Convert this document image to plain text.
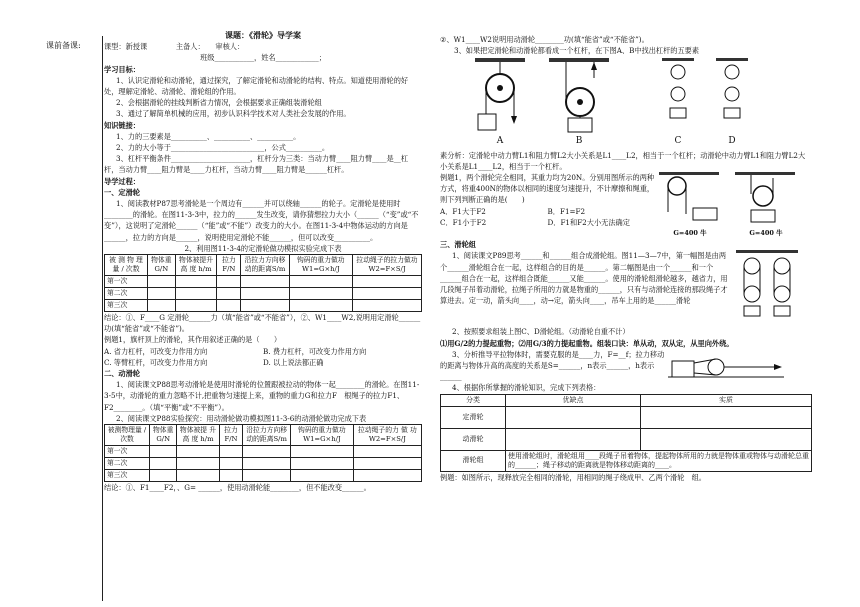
课前备课:
课题：《滑轮》导学案
课型：新授课　　　　主备人：　　审核人：
班级___________，姓名____________；
学习目标：
1、认识定滑轮和动滑轮，通过探究，了解定滑轮和动滑轮的结构、特点。知道使用滑轮的好处，理解定滑轮、动滑轮、滑轮组的作用。
2、会根据滑轮的挂线判断省力情况，会根据要求正确组装滑轮组
3、通过了解简单机械的应用，初步认识科学技术对人类社会发展的作用。
知识链接：
1、力的三要素是__________、__________、__________。
2、力的大小等于__________________________，公式__________。
3、杠杆平衡条件______________________，杠杆分为三类：当动力臂____阻力臂____是__杠杆，当动力臂____阻力臂是____力杠杆，当动力臂____阻力臂是______杠杆。
导学过程：
一、定滑轮
1、阅读教材P87思考滑轮是一个周边有______并可以绕轴______的轮子。定滑轮是使用时________的滑轮。在图11-3-3中，拉力的______发生改变，请你猜想拉力大小（______（“变”或“不变”），这说明了定滑轮______（“能”或“不能”）改变力的大小。在图11-3-4中物体运动的方向是______，拉力的方向是______，说明使用定滑轮不能______，但可以改变__________。
2、利用图11-3-4的定滑轮做功模拟实验完成下表
被 测 物 理量 / 次数	物体重G/N	物体被提升 高 度 h/m	拉力F/N	沿拉力方向移动的距离S/m	钩码的重力做功W1=G×h/J	拉动绳子的拉力做功W2=F×S/J
第一次						
第二次						
第三次						
结论：①、F____G 定滑轮______力（填“能省”或“不能省”），②、W1____W2,说明用定滑轮______功(填“能省”或“不能省”)。
例题1，旗杆顶上的滑轮，其作用叙述正确的是（　　）
A. 省力杠杆，可改变力作用方向	B. 费力杠杆，可改变力作用方向
C. 等臂杠杆，可改变力作用方向	D. 以上说法都正确
二、动滑轮
1、阅读课文P88思考动滑轮是使用时滑轮的位置跟被拉动的物体一起________的滑轮。在图11-3-5中，动滑轮的重力忽略不计,把重物匀速提上来，重物的重力G和拉力F　根绳子的拉力F1、F2________。（填“平衡”或“不平衡”）。
2、阅读课文P88实验探究：用动滑轮做功模拟图11-3-6的动滑轮做功完成下表
被测物理量 / 次数	物体重G/N	物体被提 升 高 度 h/m	拉力F/N	沿拉力方向移动的距离S/m	钩码的重力做功W1=G×h/J	拉动绳子的力 做 功 W2=F×S/J
第一次						
第二次						
第三次						
结论：①、F1____F2，、G= ______，使用动滑轮能________，但不能改变______。
②、W1____W2说明用动滑轮________功(填“能省”或“不能省”)。
3、如果把定滑轮和动滑轮都看成一个杠杆，在下图A、B中找出杠杆的五要素
A	B	C	D
素分析：定滑轮中动力臂L1和阻力臂L2大小关系是L1____L2，相当于一个杠杆；动滑轮中动力臂L1和阻力臂L2大小关系是L1____L2，相当于一个杠杆。
例题1，两个滑轮完全相同，其重力均为20N。分别用图所示的两种方式，将重400N的物体以相同的速度匀速提升，不计摩擦和绳重，则下列判断正确的是(　　)
A．F1大于F2	B．F1=F2
C．F1小于F2	D．F1和F2大小无法确定
G=400 牛	G=400 牛
三、滑轮组
1、阅读课文P89思考______和______组合成滑轮组。图11—3—7中，第一幅图是由两个______滑轮组合在一起，这样组合的目的是______。第二幅图是由一个______和一个______组合在一起，这样组合既能______又能______。使用的滑轮组滑轮越多，越省力，用几段绳子吊着动滑轮，拉绳子所用的力就是物重的______，只有与动滑轮连接的那段绳子才算进去。定一动，箭头向____，动→定，箭头向____，吊车上用的是______滑轮
2、按照要求组装上图C、D滑轮组。（动滑轮自重不计）
⑴用G/2的力提起重物；⑵用G/3的力提起重物。组装口诀：单从动，双从定，从里向外绕。
3、分析推导平拉物体时，需要克服的是____力，F=__f；拉力移动的距离与物体升高的高度的关系是S=______，n表示______，h表示______
4、根据你所掌握的滑轮知识，完成下列表格：
分类	优缺点	实质
定滑轮		
动滑轮		
滑轮组	使用滑轮组时，滑轮组用____段绳子吊着物体，提起物体所用的力就是物体重或物体与动滑轮总重的______；绳子移动的距离就是物体移动距离的____。	
例题：如图所示，现释放完全相同的滑轮，用相同的绳子绕成甲、乙两个滑轮　组。
